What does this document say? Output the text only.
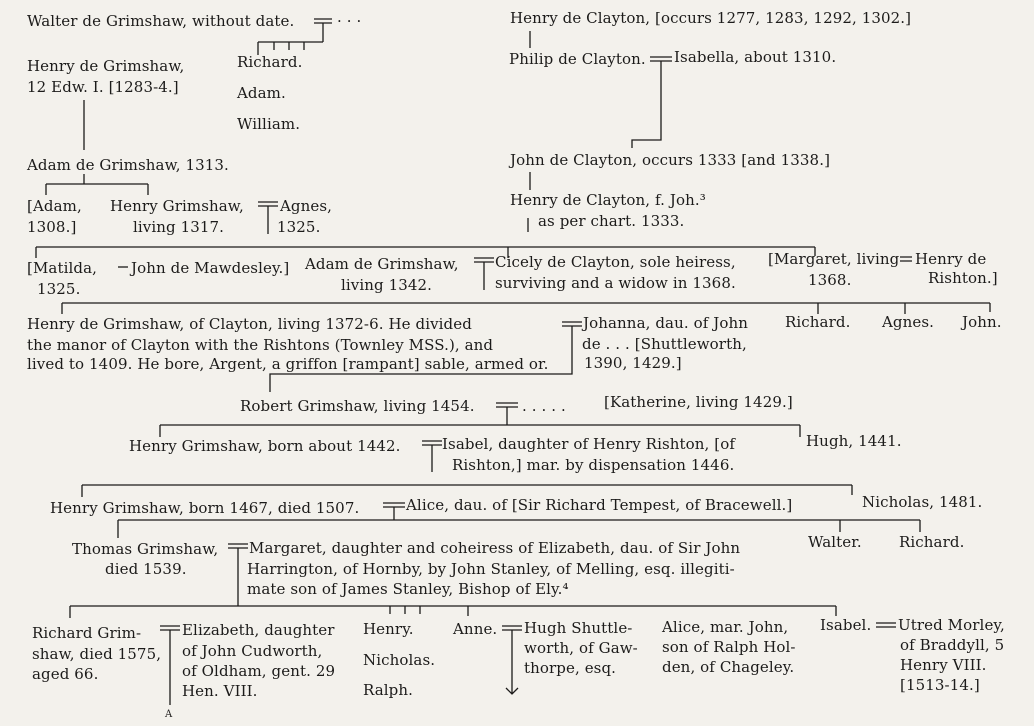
Walter de Grimshaw, without date.	· · ·	Henry de Clayton, [occurs 1277, 1283, 1292, 1302.]
Henry de Grimshaw,
12 Edw. I. [1283-4.]
Richard.
Adam.
William.
Philip de Clayton. Isabella, about 1310.
Adam de Grimshaw, 1313.	John de Clayton, occurs 1333 [and 1338.]
[Adam,
1308.]
Henry Grimshaw,
living 1317.
Agnes,
1325.
Henry de Clayton, f. Joh.³
as per chart. 1333.
[Matilda,
1325.
John de Mawdesley.] Adam de Grimshaw,
living 1342.
Cicely de Clayton, sole heiress,
surviving and a widow in 1368.
[Margaret, living
1368.
Henry de
Rishton.]
Henry de Grimshaw, of Clayton, living 1372-6. He divided
the manor of Clayton with the Rishtons (Townley MSS.), and
lived to 1409. He bore, Argent, a griffon [rampant] sable, armed or.
Johanna, dau. of John
de . . . [Shuttleworth,
1390, 1429.]
Richard. Agnes. John.
Robert Grimshaw, living 1454.	. . . . .	[Katherine, living 1429.]
Henry Grimshaw, born about 1442.	Isabel, daughter of Henry Rishton, [of
Rishton,] mar. by dispensation 1446.
Hugh, 1441.
Henry Grimshaw, born 1467, died 1507.	Alice, dau. of [Sir Richard Tempest, of Bracewell.]	Nicholas, 1481.
Thomas Grimshaw,
died 1539.
Margaret, daughter and coheiress of Elizabeth, dau. of Sir John
Harrington, of Hornby, by John Stanley, of Melling, esq. illegiti-
mate son of James Stanley, Bishop of Ely.⁴
Walter. Richard.
Richard Grim-
shaw, died 1575,
aged 66.
Elizabeth, daughter
of John Cudworth,
of Oldham, gent. 29
Hen. VIII.
Henry.
Nicholas.
Ralph.
Anne. Hugh Shuttle-
worth, of Gaw-
thorpe, esq.
Alice, mar. John,
son of Ralph Hol-
den, of Chageley.
Isabel. Utred Morley,
of Braddyll, 5
Henry VIII.
[1513-14.]
A
